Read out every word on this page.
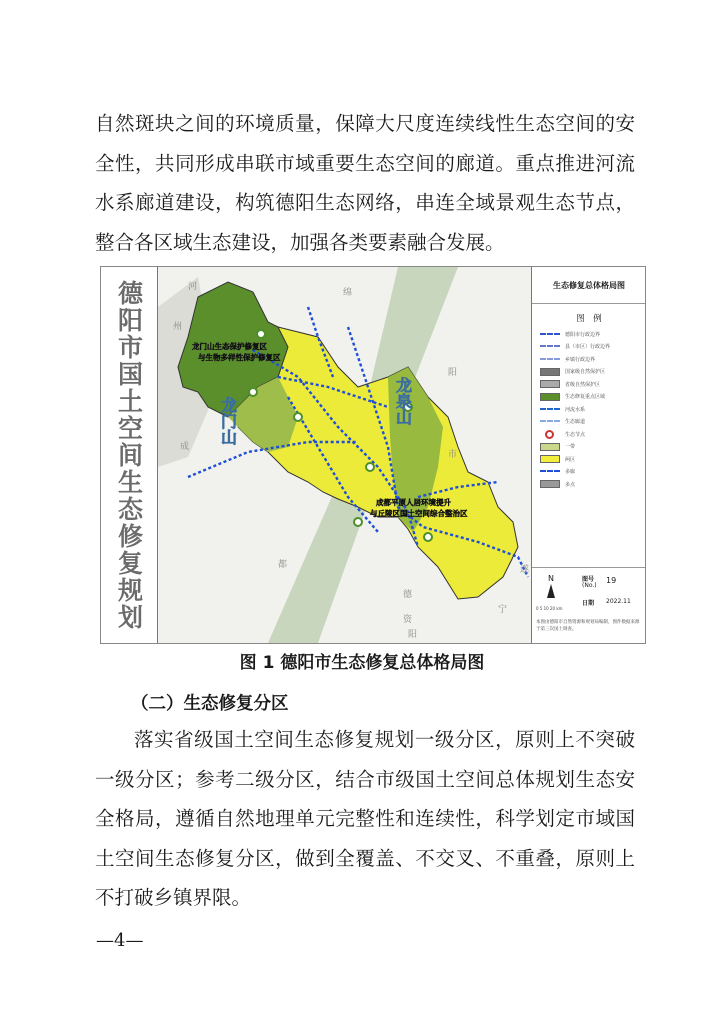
自然斑块之间的环境质量，保障大尺度连续线性生态空间的安全性，共同形成串联市域重要生态空间的廊道。重点推进河流水系廊道建设，构筑德阳生态网络，串连全域景观生态节点，整合各区域生态建设，加强各类要素融合发展。

德阳市国土空间生态修复规划	龙门山生态保护修复区
与生物多样性保护修复区
成都平原人居环境提升
与丘陵区国土空间综合整治区
龙门山	龙泉山
绵
阳
市
成
都	遂
宁
资
河
州
阳
德
生态修复总体格局图
图　例
德阳市行政边界
县（市区）行政边界
乡镇行政边界
国家级自然保护区
省级自然保护区
生态修复重点区域
河流水系
生态廊道
生态节点
一带
两区
多廊
多点
N	图号
(No.)
19
日期	2022.11
0 5 10 20 km
本图由德阳市自然资源和规划局编制，图件数据来源于第三次国土调查。
图 1 德阳市生态修复总体格局图
（二）生态修复分区

落实省级国土空间生态修复规划一级分区，原则上不突破一级分区；参考二级分区，结合市级国土空间总体规划生态安全格局，遵循自然地理单元完整性和连续性，科学划定市域国土空间生态修复分区，做到全覆盖、不交叉、不重叠，原则上不打破乡镇界限。

—4—
